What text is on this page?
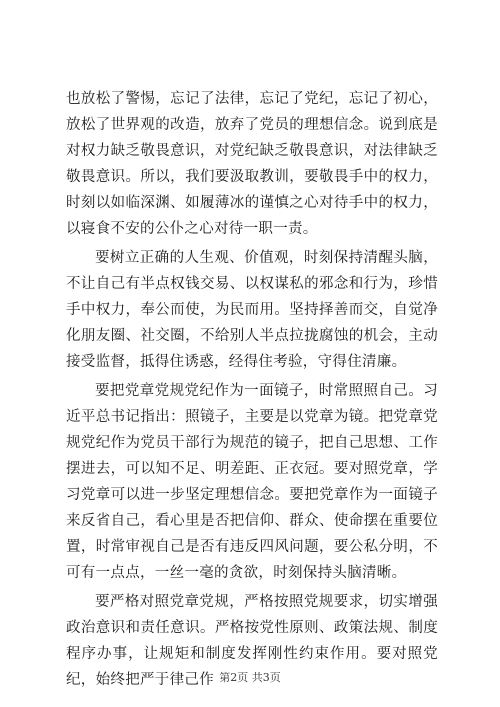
也放松了警惕，忘记了法律，忘记了党纪，忘记了初心，放松了世界观的改造，放弃了党员的理想信念。说到底是对权力缺乏敬畏意识，对党纪缺乏敬畏意识，对法律缺乏敬畏意识。所以，我们要汲取教训，要敬畏手中的权力，时刻以如临深渊、如履薄冰的谨慎之心对待手中的权力，以寝食不安的公仆之心对待一职一责。

要树立正确的人生观、价值观，时刻保持清醒头脑，不让自己有半点权钱交易、以权谋私的邪念和行为，珍惜手中权力，奉公而使，为民而用。坚持择善而交，自觉净化朋友圈、社交圈，不给别人半点拉拢腐蚀的机会，主动接受监督，抵得住诱惑，经得住考验，守得住清廉。

要把党章党规党纪作为一面镜子，时常照照自己。习近平总书记指出：照镜子，主要是以党章为镜。把党章党规党纪作为党员干部行为规范的镜子，把自己思想、工作摆进去，可以知不足、明差距、正衣冠。要对照党章，学习党章可以进一步坚定理想信念。要把党章作为一面镜子来反省自己，看心里是否把信仰、群众、使命摆在重要位置，时常审视自己是否有违反四风问题，要公私分明，不可有一点点，一丝一毫的贪欲，时刻保持头脑清晰。

要严格对照党章党规，严格按照党规要求，切实增强政治意识和责任意识。严格按党性原则、政策法规、制度程序办事，让规矩和制度发挥刚性约束作用。要对照党纪，始终把严于律己作 第2页 共3页
